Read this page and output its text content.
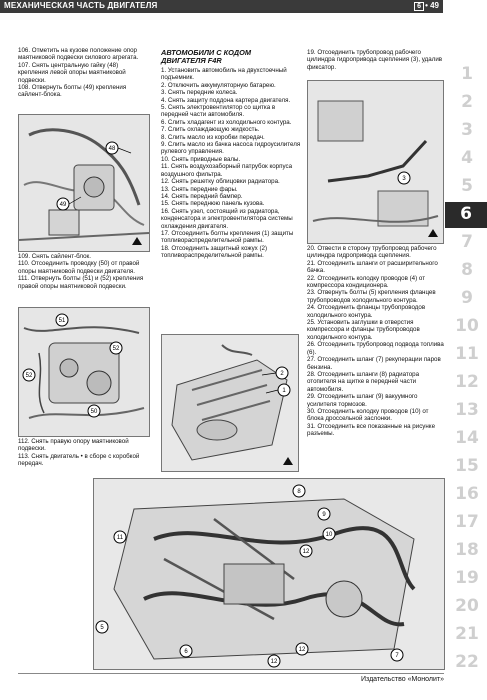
МЕХАНИЧЕСКАЯ ЧАСТЬ ДВИГАТЕЛЯ	6 • 49

106. Отметить на кузове положение опор маятниковой подвески силового агрегата.

107. Снять центральную гайку (48) крепления левой опоры маятниковой подвески.

108. Отвернуть болты (49) крепления сайлент-блока.

48
49

109. Снять сайлент-блок.

110. Отсоединить проводку (50) от правой опоры маятниковой подвески двигателя.

111. Отвернуть болты (51) и (52) крепления правой опоры маятниковой подвески.

51
52
52
50

112. Снять правую опору маятниковой подвески.

113. Снять двигатель • в сборе с коробкой передач.

АВТОМОБИЛИ С КОДОМ
ДВИГАТЕЛЯ F4R

1. Установить автомобиль на двухстоечный подъемник.

2. Отключить аккумуляторную батарею.

3. Снять передние колеса.

4. Снять защиту поддона картера двигателя.

5. Снять электровентилятор со щитка в передней части автомобиля.

6. Слить хладагент из холодильного контура.

7. Слить охлаждающую жидкость.

8. Слить масло из коробки передач.

9. Слить масло из бачка насоса гидроусилителя рулевого управления.

10. Снять приводные валы.

11. Снять воздухозаборный патрубок корпуса воздушного фильтра.

12. Снять решетку облицовки радиатора.

13. Снять передние фары.

14. Снять передний бампер.

15. Снять переднюю панель кузова.

16. Снять узел, состоящий из радиатора, конденсатора и электровентилятора системы охлаждения двигателя.

17. Отсоединить болты крепления (1) защиты топливораспределительной рампы.

18. Отсоединить защитный кожух (2) топливораспределительной рампы.

2
1

19. Отсоединить трубопровод рабочего цилиндра гидропривода сцепления (3), удалив фиксатор.

3

20. Отвести в сторону трубопровод рабочего цилиндра гидропривода сцепления.

21. Отсоединить шланги от расширительного бачка.

22. Отсоединить колодку проводов (4) от компрессора кондиционера.

23. Отвернуть болты (5) крепления фланцев трубопроводов холодильного контура.

24. Отсоединить фланцы трубопроводов холодильного контура.

25. Установить заглушки в отверстия компрессора и фланцы трубопроводов холодильного контура.

26. Отсоединить трубопровод подвода топлива (6).

27. Отсоединить шланг (7) рекуперации паров бензина.

28. Отсоединить шланги (8) радиатора отопителя на щитке в передней части автомобиля.

29. Отсоединить шланг (9) вакуумного усилителя тормозов.

30. Отсоединить колодку проводов (10) от блока дроссельной заслонки.

31. Отсоединить все показанные на рисунке разъемы.

8
9
11	10
12
5
6	12
7
12
1
2
3
4
5
6
7
8
9
10
11
12
13
14
15
16
17
18
19
20
21
22
Издательство «Монолит»
